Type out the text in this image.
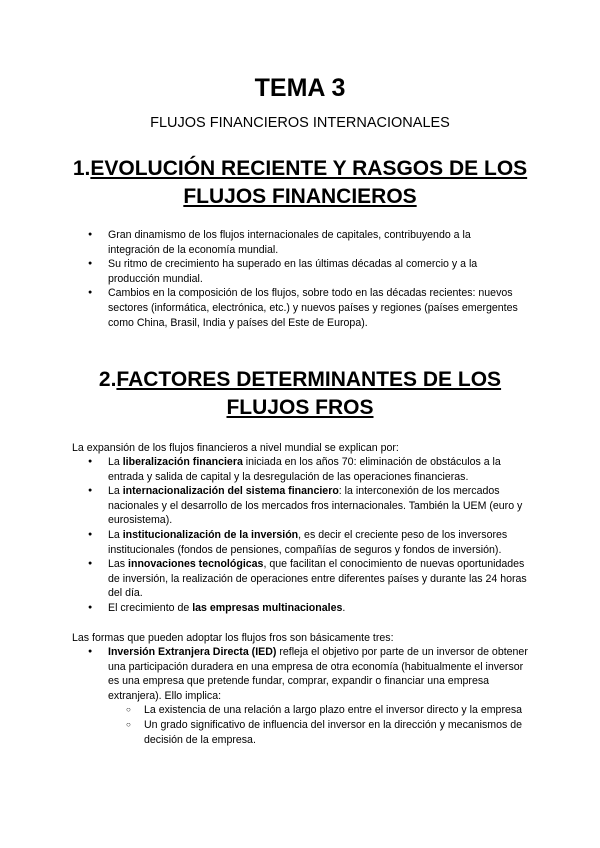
TEMA 3

FLUJOS FINANCIEROS INTERNACIONALES

1.EVOLUCIÓN RECIENTE Y RASGOS DE LOS FLUJOS FINANCIEROS
● Gran dinamismo de los flujos internacionales de capitales, contribuyendo a la integración de la economía mundial.
● Su ritmo de crecimiento ha superado en las últimas décadas al comercio y a la producción mundial.
● Cambios en la composición de los flujos, sobre todo en las décadas recientes: nuevos sectores (informática, electrónica, etc.) y nuevos países y regiones (países emergentes como China, Brasil, India y países del Este de Europa).
2.FACTORES DETERMINANTES DE LOS FLUJOS FROS

La expansión de los flujos financieros a nivel mundial se explican por:

● La liberalización financiera iniciada en los años 70: eliminación de obstáculos a la entrada y salida de capital y la desregulación de las operaciones financieras.
● La internacionalización del sistema financiero: la interconexión de los mercados nacionales y el desarrollo de los mercados fros internacionales. También la UEM (euro y eurosistema).
● La institucionalización de la inversión, es decir el creciente peso de los inversores institucionales (fondos de pensiones, compañías de seguros y fondos de inversión).
● Las innovaciones tecnológicas, que facilitan el conocimiento de nuevas oportunidades de inversión, la realización de operaciones entre diferentes países y durante las 24 horas del día.
● El crecimiento de las empresas multinacionales.

Las formas que pueden adoptar los flujos fros son básicamente tres:

● Inversión Extranjera Directa (IED) refleja el objetivo por parte de un inversor de obtener una participación duradera en una empresa de otra economía (habitualmente el inversor es una empresa que pretende fundar, comprar, expandir o financiar una empresa extranjera). Ello implica:
○ La existencia de una relación a largo plazo entre el inversor directo y la empresa
○ Un grado significativo de influencia del inversor en la dirección y mecanismos de decisión de la empresa.
